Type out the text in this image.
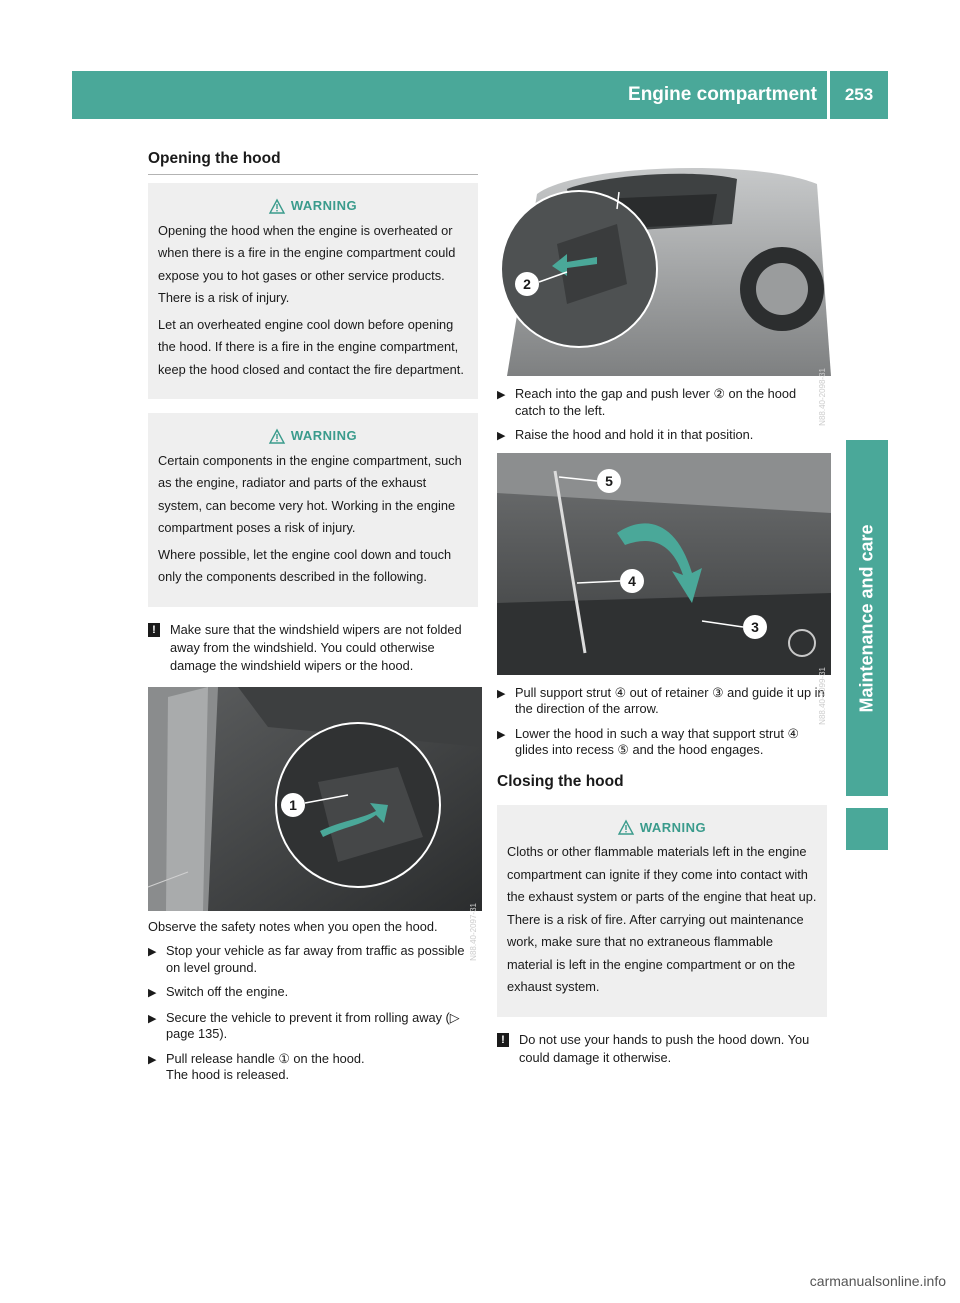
Engine compartment	253
Maintenance and care
Opening the hood
WARNING

Opening the hood when the engine is overheated or when there is a fire in the engine compartment could expose you to hot gases or other service products. There is a risk of injury.

Let an overheated engine cool down before opening the hood. If there is a fire in the engine compartment, keep the hood closed and contact the fire department.

WARNING

Certain components in the engine compartment, such as the engine, radiator and parts of the exhaust system, can become very hot. Working in the engine compartment poses a risk of injury.

Where possible, let the engine cool down and touch only the components described in the following.

!	Make sure that the windshield wipers are not folded away from the windshield. You could otherwise damage the windshield wipers or the hood.
1
N88.40-2097-31

Observe the safety notes when you open the hood.

▶ Stop your vehicle as far away from traffic as possible on level ground.
▶ Switch off the engine.
▶ Secure the vehicle to prevent it from rolling away (▷ page 135).
▶ Pull release handle ① on the hood.
The hood is released.
2
N88.40-2098-31
▶ Reach into the gap and push lever ② on the hood catch to the left.
▶ Raise the hood and hold it in that position.
5
4
3
N88.40-2099-31
▶ Pull support strut ④ out of retainer ③ and guide it up in the direction of the arrow.
▶ Lower the hood in such a way that support strut ④ glides into recess ⑤ and the hood engages.
Closing the hood
WARNING

Cloths or other flammable materials left in the engine compartment can ignite if they come into contact with the exhaust system or parts of the engine that heat up. There is a risk of fire. After carrying out maintenance work, make sure that no extraneous flammable material is left in the engine compartment or on the exhaust system.

!	Do not use your hands to push the hood down. You could damage it otherwise.
carmanualsonline.info
